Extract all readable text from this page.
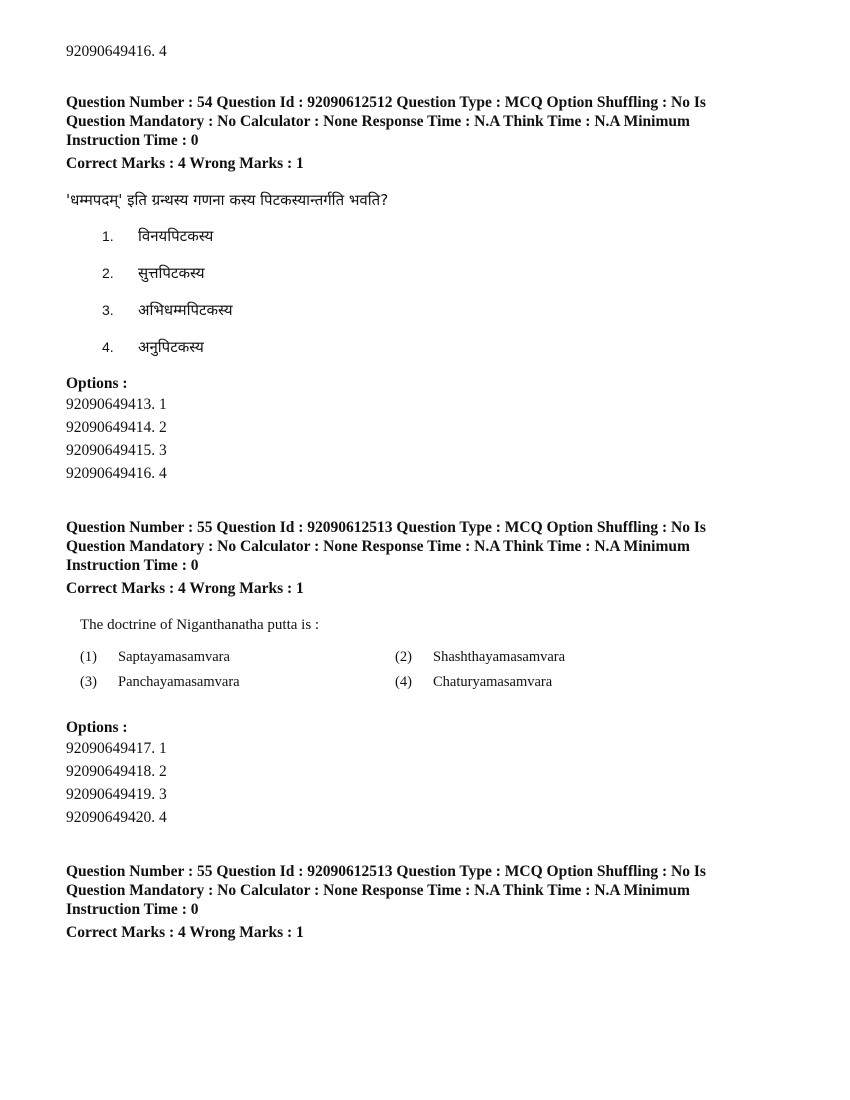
92090649416. 4
Question Number : 54 Question Id : 92090612512 Question Type : MCQ Option Shuffling : No Is
Question Mandatory : No Calculator : None Response Time : N.A Think Time : N.A Minimum
Instruction Time : 0
Correct Marks : 4 Wrong Marks : 1
'धम्मपदम्' इति ग्रन्थस्य गणना कस्य पिटकस्यान्तर्गति भवति?
1. विनयपिटकस्य
2. सुत्तपिटकस्य
3. अभिधम्मपिटकस्य
4. अनुपिटकस्य
Options :
92090649413. 1
92090649414. 2
92090649415. 3
92090649416. 4
Question Number : 55 Question Id : 92090612513 Question Type : MCQ Option Shuffling : No Is
Question Mandatory : No Calculator : None Response Time : N.A Think Time : N.A Minimum
Instruction Time : 0
Correct Marks : 4 Wrong Marks : 1
The doctrine of Niganthanatha putta is :
(1) Saptayamasamvara	(2) Shashthayamasamvara
(3) Panchayamasamvara	(4) Chaturyamasamvara
Options :
92090649417. 1
92090649418. 2
92090649419. 3
92090649420. 4
Question Number : 55 Question Id : 92090612513 Question Type : MCQ Option Shuffling : No Is
Question Mandatory : No Calculator : None Response Time : N.A Think Time : N.A Minimum
Instruction Time : 0
Correct Marks : 4 Wrong Marks : 1
